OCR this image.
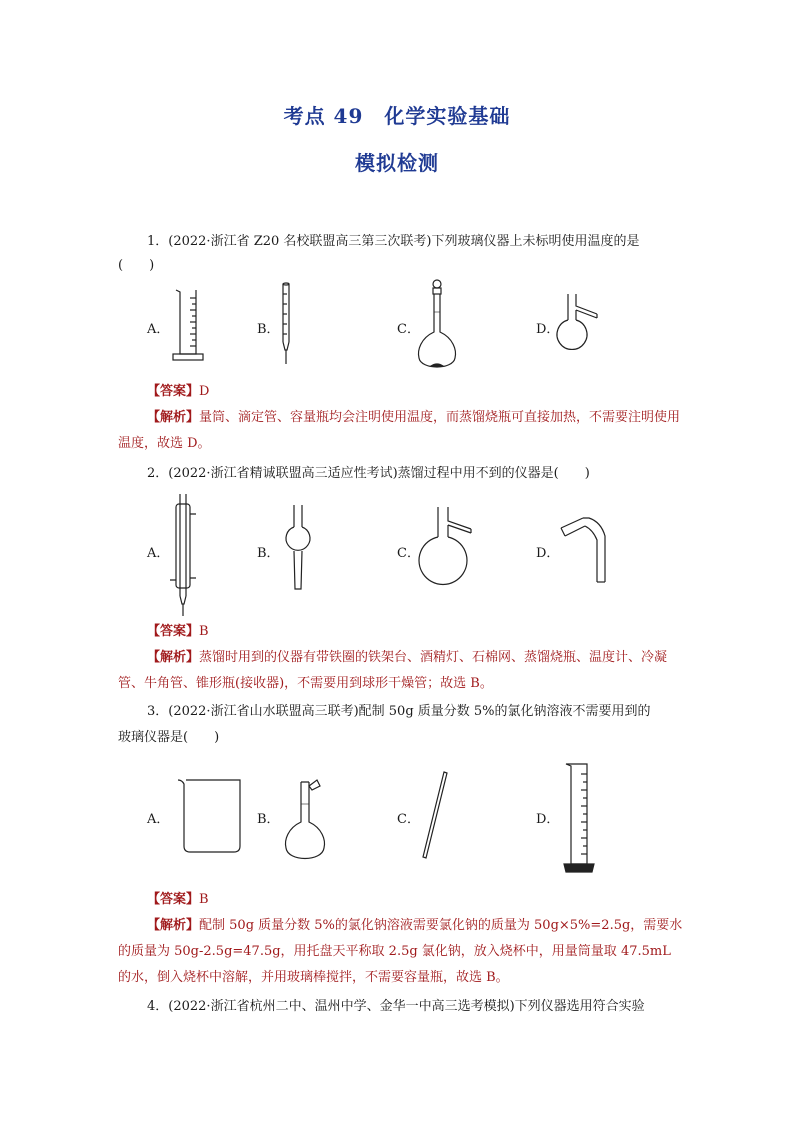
考点 49　化学实验基础
模拟检测
1．(2022·浙江省 Z20 名校联盟高三第三次联考)下列玻璃仪器上未标明使用温度的是
(　　)
A．	B．	C．	D．
【答案】D
【解析】量筒、滴定管、容量瓶均会注明使用温度，而蒸馏烧瓶可直接加热，不需要注明使用温度，故选 D。
2．(2022·浙江省精诚联盟高三适应性考试)蒸馏过程中用不到的仪器是(　　)
A．	B．	C．	D．
【答案】B
【解析】蒸馏时用到的仪器有带铁圈的铁架台、酒精灯、石棉网、蒸馏烧瓶、温度计、冷凝管、牛角管、锥形瓶(接收器)，不需要用到球形干燥管；故选 B。
3．(2022·浙江省山水联盟高三联考)配制 50g 质量分数 5%的氯化钠溶液不需要用到的
玻璃仪器是(　　)
A．	B．	C．	D．
【答案】B
【解析】配制 50g 质量分数 5%的氯化钠溶液需要氯化钠的质量为 50g×5%=2.5g，需要水的质量为 50g-2.5g=47.5g，用托盘天平称取 2.5g 氯化钠，放入烧杯中，用量筒量取 47.5mL 的水，倒入烧杯中溶解，并用玻璃棒搅拌，不需要容量瓶，故选 B。
4．(2022·浙江省杭州二中、温州中学、金华一中高三选考模拟)下列仪器选用符合实验
